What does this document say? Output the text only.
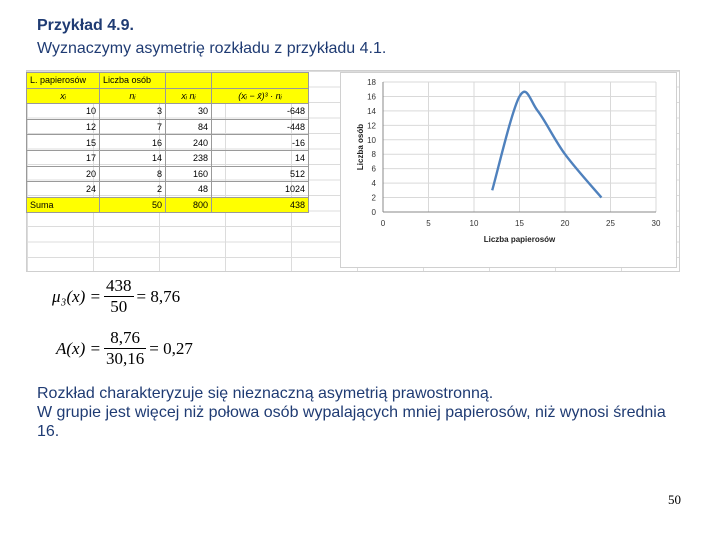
Przykład 4.9.
Wyznaczymy asymetrię rozkładu z przykładu 4.1.
L. papierosów	Liczba osób		
xᵢ	nᵢ	xᵢ nᵢ	(xᵢ − x̄)³ · nᵢ
10	3	30	-648
12	7	84	-448
15	16	240	-16
17	14	238	14
20	8	160	512
24	2	48	1024
Suma	50	800	438
0
2
4
6
8
10
12
14
16
18
0	5	10	15	20	25	30
Liczba papierosów
Liczba osób
$\mu_3(x) = \frac{438}{50} = 8,76$
$A(x) = \frac{8,76}{30,16} = 0,27$
Rozkład charakteryzuje się nieznaczną asymetrią prawostronną.
W grupie jest więcej niż połowa osób wypalających mniej papierosów, niż wynosi średnia 16.
50
